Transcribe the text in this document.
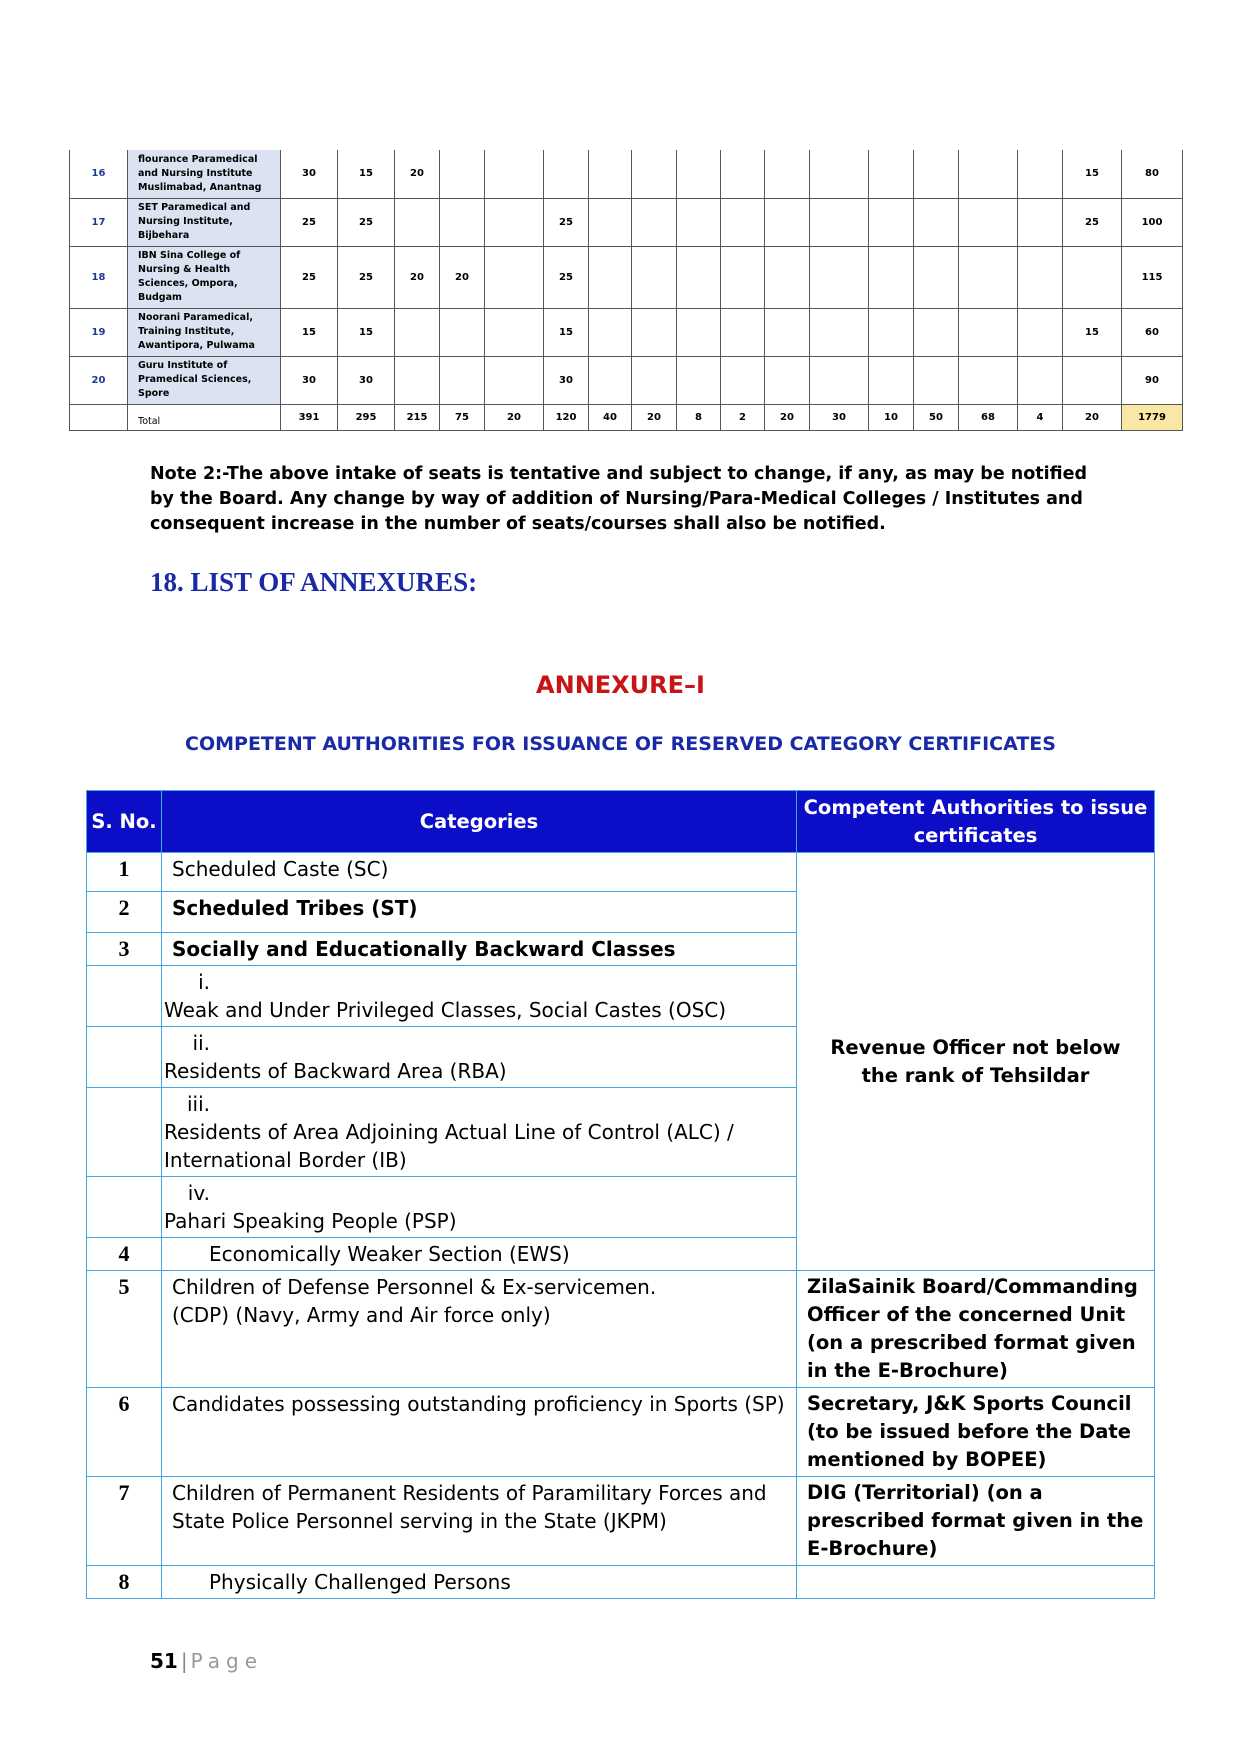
16	flourance Paramedical
and Nursing Institute
Muslimabad, Anantnag	30	15	20														15	80
17	SET Paramedical and
Nursing Institute,
Bijbehara	25	25				25											25	100
18	IBN Sina College of
Nursing & Health
Sciences, Ompora,
Budgam	25	25	20	20		25												115
19	Noorani Paramedical,
Training Institute,
Awantipora, Pulwama	15	15				15											15	60
20	Guru Institute of
Pramedical Sciences,
Spore	30	30				30												90
	Total	391	295	215	75	20	120	40	20	8	2	20	30	10	50	68	4	20	1779

Note 2:-The above intake of seats is tentative and subject to change, if any, as may be notified by the Board. Any change by way of addition of Nursing/Para-Medical Colleges / Institutes and consequent increase in the number of seats/courses shall also be notified.

18. LIST OF ANNEXURES:
ANNEXURE–I
COMPETENT AUTHORITIES FOR ISSUANCE OF RESERVED CATEGORY CERTIFICATES
S. No.	Categories	Competent Authorities to issue certificates
1	Scheduled Caste (SC)	Revenue Officer not below the rank of Tehsildar

2	Scheduled Tribes (ST)	
3	Socially and Educationally Backward Classes	
	i.Weak and Under Privileged Classes, Social Castes (OSC)	
	ii.Residents of Backward Area (RBA)	
	iii.Residents of Area Adjoining Actual Line of Control (ALC) / International Border (IB)	
	iv.Pahari Speaking People (PSP)	
4	Economically Weaker Section (EWS)	
5	Children of Defense Personnel & Ex-servicemen. (CDP) (Navy, Army and Air force only)	ZilaSainik Board/Commanding Officer of the concerned Unit (on a prescribed format given in the E-Brochure)
6	Candidates possessing outstanding proficiency in Sports (SP)	Secretary, J&K Sports Council (to be issued before the Date mentioned by BOPEE)
7	Children of Permanent Residents of Paramilitary Forces and State Police Personnel serving in the State (JKPM)	DIG (Territorial) (on a prescribed format given in the E-Brochure)
8	Physically Challenged Persons	
51 | Page
